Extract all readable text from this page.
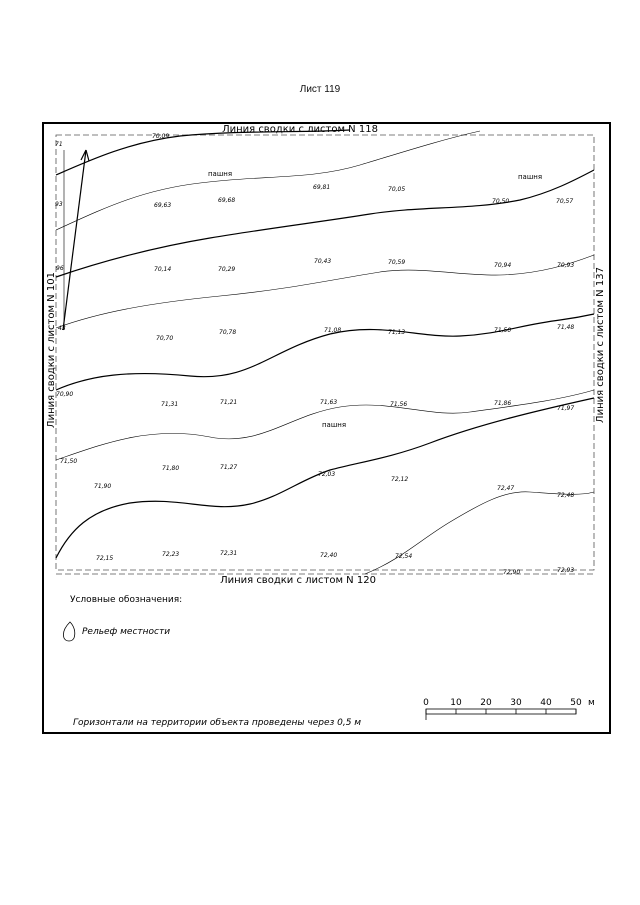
Лист 119
Линия сводки с листом N 118
Линия сводки с листом N 120
Линия сводки с листом N 101	Линия сводки с листом N 137
пашня	пашня
пашня
71
93
96
43
70,90
70,09
69,63
69,68
69,81	70,05
70,50	70,57
70,14	70,29
70,43	70,59	70,94	70,93
70,70
70,78	71,08	71,13	71,50	71,48
71,31	71,21	71,63	71,56	71,86
71,97
71,80	71,27
72,03
72,12
72,47
72,48
71,50
71,90
72,15
72,23	72,31	72,40	72,54
72,90	72,93
Условные обозначения:
Рельеф местности
Горизонтали на территории объекта проведены через 0,5 м
0 10 20 30 40 50 м
